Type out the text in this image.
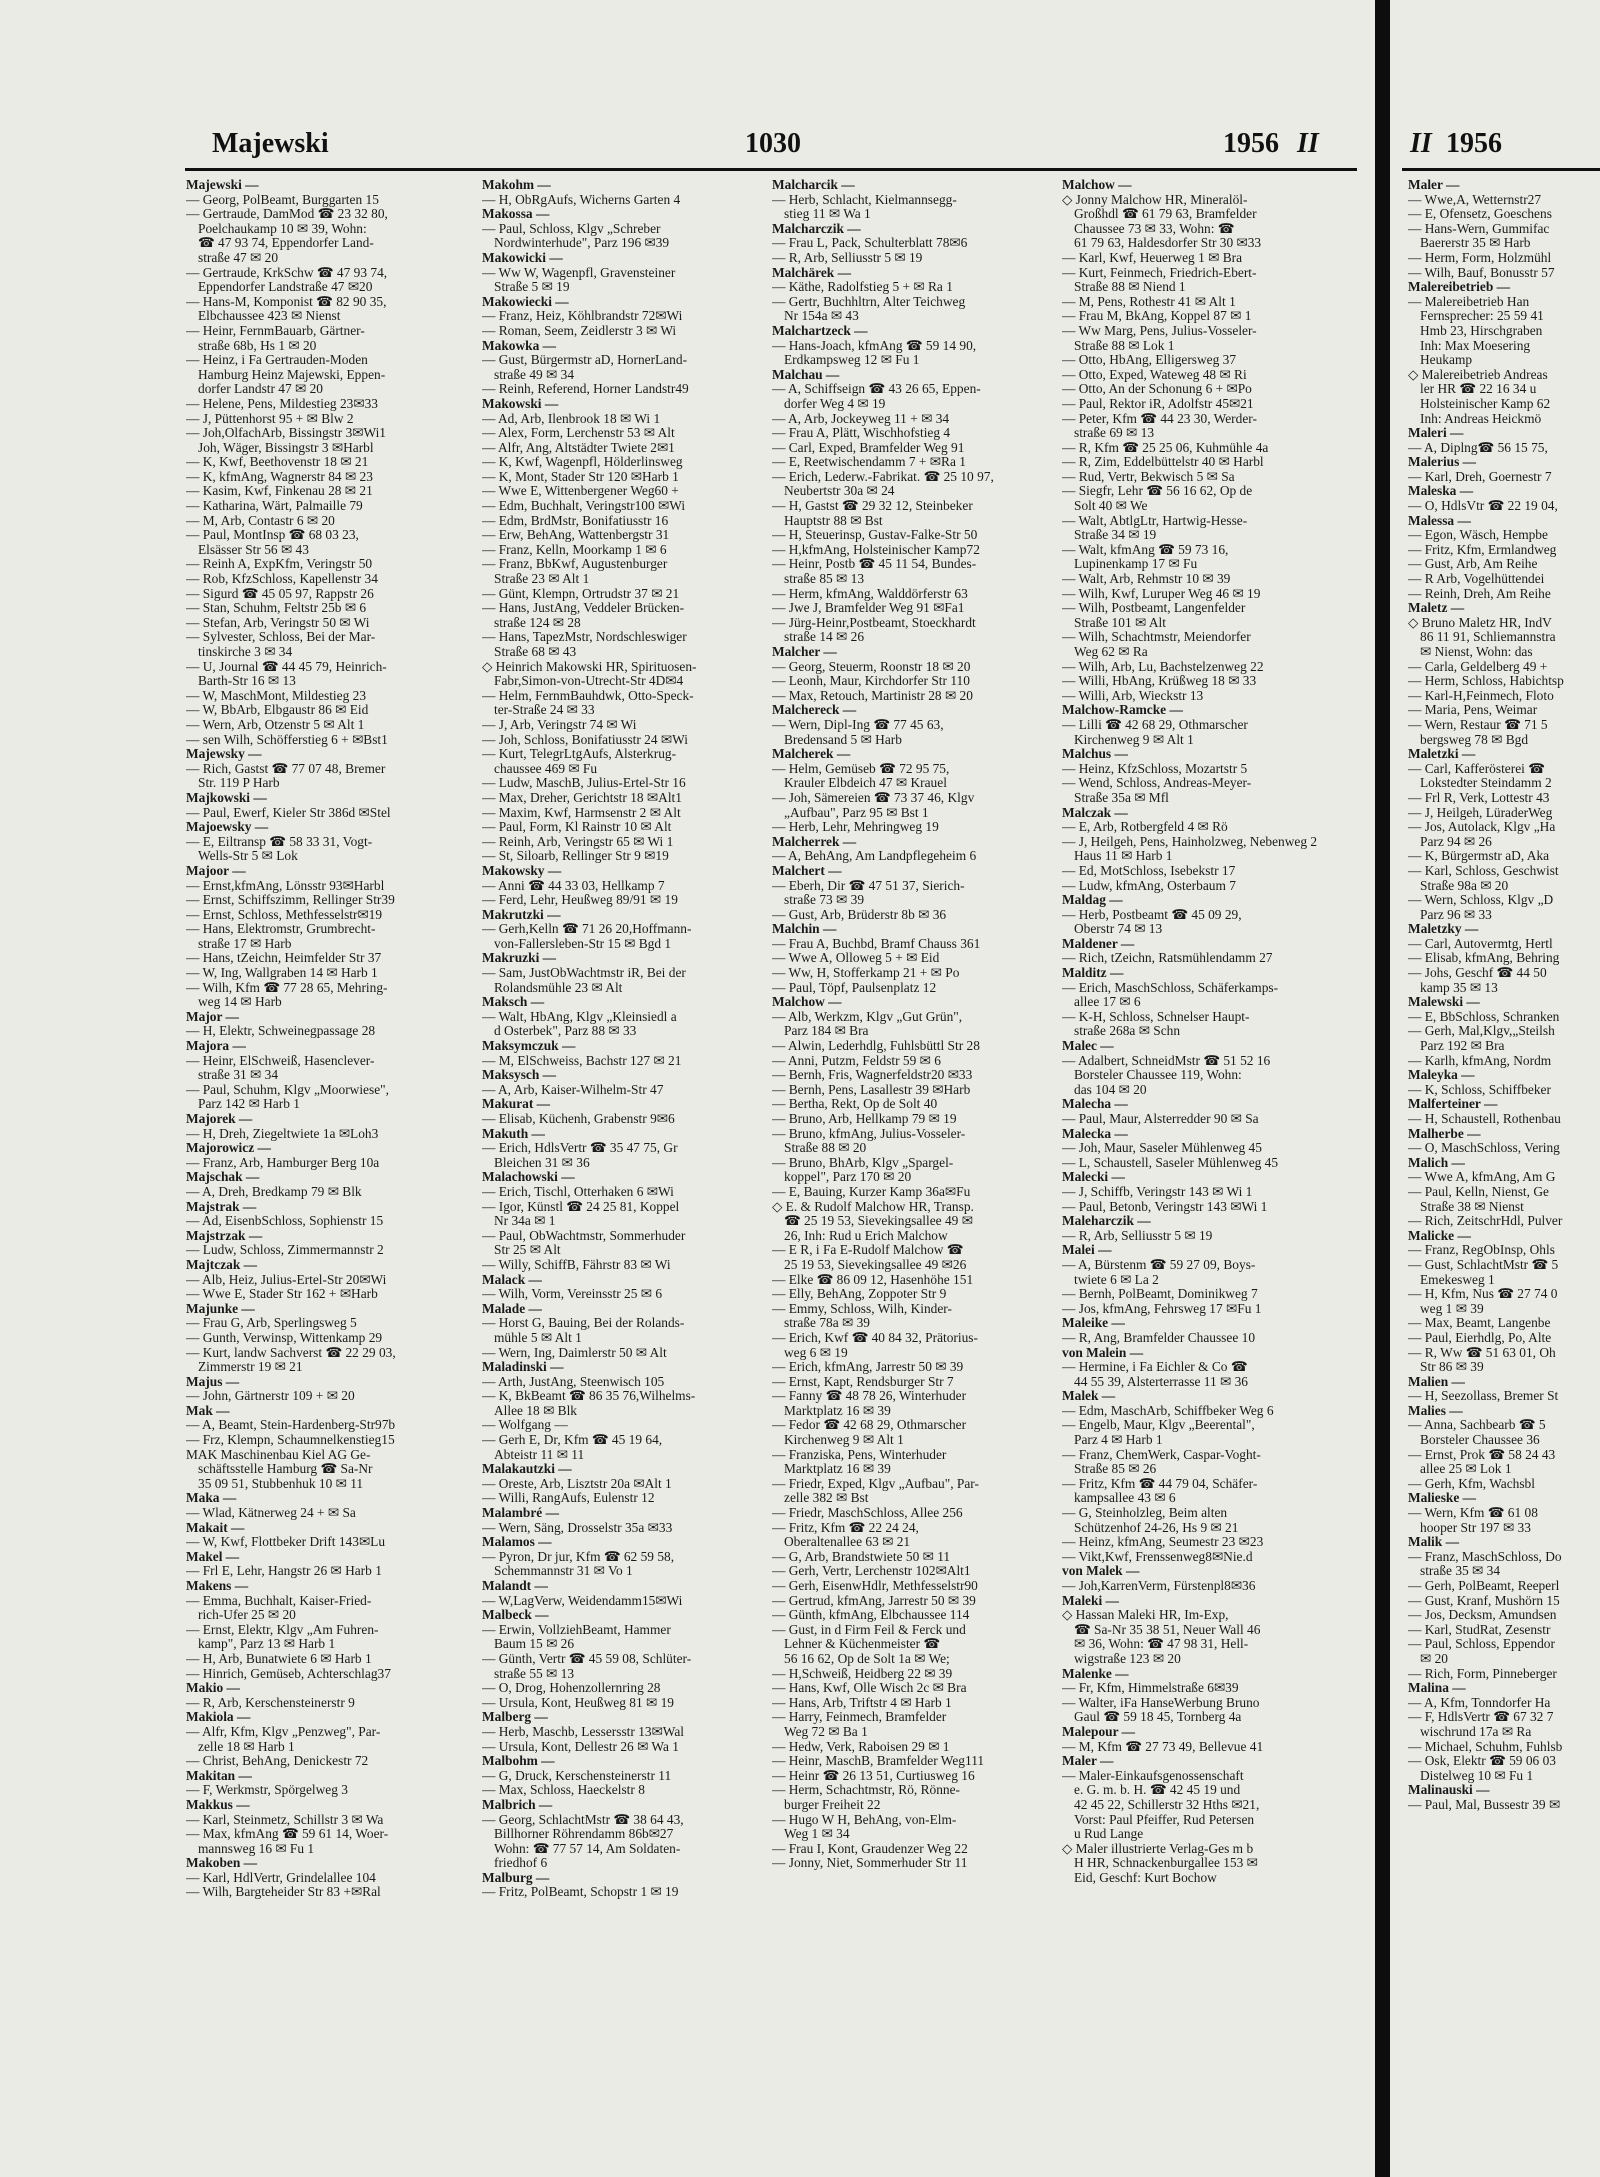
Majewski	1030	1956 II
Majewski —
— Georg, PolBeamt, Burggarten 15
— Gertraude, DamMod ☎ 23 32 80,
Poelchaukamp 10 ✉ 39, Wohn:
☎ 47 93 74, Eppendorfer Land-
straße 47 ✉ 20
— Gertraude, KrkSchw ☎ 47 93 74,
Eppendorfer Landstraße 47 ✉20
— Hans-M, Komponist ☎ 82 90 35,
Elbchaussee 423 ✉ Nienst
— Heinr, FernmBauarb, Gärtner-
straße 68b, Hs 1 ✉ 20
— Heinz, i Fa Gertrauden-Moden
Hamburg Heinz Majewski, Eppen-
dorfer Landstr 47 ✉ 20
— Helene, Pens, Mildestieg 23✉33
— J, Püttenhorst 95 + ✉ Blw 2
— Joh,OlfachArb, Bissingstr 3✉Wi1
Joh, Wäger, Bissingstr 3 ✉Harbl
— K, Kwf, Beethovenstr 18 ✉ 21
— K, kfmAng, Wagnerstr 84 ✉ 23
— Kasim, Kwf, Finkenau 28 ✉ 21
— Katharina, Wärt, Palmaille 79
— M, Arb, Contastr 6 ✉ 20
— Paul, MontInsp ☎ 68 03 23,
Elsässer Str 56 ✉ 43
— Reinh A, ExpKfm, Veringstr 50
— Rob, KfzSchloss, Kapellenstr 34
— Sigurd ☎ 45 05 97, Rappstr 26
— Stan, Schuhm, Feltstr 25b ✉ 6
— Stefan, Arb, Veringstr 50 ✉ Wi
— Sylvester, Schloss, Bei der Mar-
tinskirche 3 ✉ 34
— U, Journal ☎ 44 45 79, Heinrich-
Barth-Str 16 ✉ 13
— W, MaschMont, Mildestieg 23
— W, BbArb, Elbgaustr 86 ✉ Eid
— Wern, Arb, Otzenstr 5 ✉ Alt 1
— sen Wilh, Schöfferstieg 6 + ✉Bst1
Majewsky —
— Rich, Gastst ☎ 77 07 48, Bremer
Str. 119 P Harb
Majkowski —
— Paul, Ewerf, Kieler Str 386d ✉Stel
Majoewsky —
— E, Eiltransp ☎ 58 33 31, Vogt-
Wells-Str 5 ✉ Lok
Majoor —
— Ernst,kfmAng, Lönsstr 93✉Harbl
— Ernst, Schiffszimm, Rellinger Str39
— Ernst, Schloss, Methfesselstr✉19
— Hans, Elektromstr, Grumbrecht-
straße 17 ✉ Harb
— Hans, tZeichn, Heimfelder Str 37
— W, Ing, Wallgraben 14 ✉ Harb 1
— Wilh, Kfm ☎ 77 28 65, Mehring-
weg 14 ✉ Harb
Major —
— H, Elektr, Schweinegpassage 28
Majora —
— Heinr, ElSchweiß, Hasenclever-
straße 31 ✉ 34
— Paul, Schuhm, Klgv „Moorwiese",
Parz 142 ✉ Harb 1
Majorek —
— H, Dreh, Ziegeltwiete 1a ✉Loh3
Majorowicz —
— Franz, Arb, Hamburger Berg 10a
Majschak —
— A, Dreh, Bredkamp 79 ✉ Blk
Majstrak —
— Ad, EisenbSchloss, Sophienstr 15
Majstrzak —
— Ludw, Schloss, Zimmermannstr 2
Majtczak —
— Alb, Heiz, Julius-Ertel-Str 20✉Wi
— Wwe E, Stader Str 162 + ✉Harb
Majunke —
— Frau G, Arb, Sperlingsweg 5
— Gunth, Verwinsp, Wittenkamp 29
— Kurt, landw Sachverst ☎ 22 29 03,
Zimmerstr 19 ✉ 21
Majus —
— John, Gärtnerstr 109 + ✉ 20
Mak —
— A, Beamt, Stein-Hardenberg-Str97b
— Frz, Klempn, Schaumnelkenstieg15
MAK Maschinenbau Kiel AG Ge-
schäftsstelle Hamburg ☎ Sa-Nr
35 09 51, Stubbenhuk 10 ✉ 11
Maka —
— Wlad, Kätnerweg 24 + ✉ Sa
Makait —
— W, Kwf, Flottbeker Drift 143✉Lu
Makel —
— Frl E, Lehr, Hangstr 26 ✉ Harb 1
Makens —
— Emma, Buchhalt, Kaiser-Fried-
rich-Ufer 25 ✉ 20
— Ernst, Elektr, Klgv „Am Fuhren-
kamp", Parz 13 ✉ Harb 1
— H, Arb, Bunatwiete 6 ✉ Harb 1
— Hinrich, Gemüseb, Achterschlag37
Makio —
— R, Arb, Kerschensteinerstr 9
Makiola —
— Alfr, Kfm, Klgv „Penzweg", Par-
zelle 18 ✉ Harb 1
— Christ, BehAng, Denickestr 72
Makitan —
— F, Werkmstr, Spörgelweg 3
Makkus —
— Karl, Steinmetz, Schillstr 3 ✉ Wa
— Max, kfmAng ☎ 59 61 14, Woer-
mannsweg 16 ✉ Fu 1
Makoben —
— Karl, HdlVertr, Grindelallee 104
— Wilh, Bargteheider Str 83 +✉Ral
Makohm —
— H, ObRgAufs, Wicherns Garten 4
Makossa —
— Paul, Schloss, Klgv „Schreber
Nordwinterhude", Parz 196 ✉39
Makowicki —
— Ww W, Wagenpfl, Gravensteiner
Straße 5 ✉ 19
Makowiecki —
— Franz, Heiz, Köhlbrandstr 72✉Wi
— Roman, Seem, Zeidlerstr 3 ✉ Wi
Makowka —
— Gust, Bürgermstr aD, HornerLand-
straße 49 ✉ 34
— Reinh, Referend, Horner Landstr49
Makowski —
— Ad, Arb, Ilenbrook 18 ✉ Wi 1
— Alex, Form, Lerchenstr 53 ✉ Alt
— Alfr, Ang, Altstädter Twiete 2✉1
— K, Kwf, Wagenpfl, Hölderlinsweg
— K, Mont, Stader Str 120 ✉Harb 1
— Wwe E, Wittenbergener Weg60 +
— Edm, Buchhalt, Veringstr100 ✉Wi
— Edm, BrdMstr, Bonifatiusstr 16
— Erw, BehAng, Wattenbergstr 31
— Franz, Kelln, Moorkamp 1 ✉ 6
— Franz, BbKwf, Augustenburger
Straße 23 ✉ Alt 1
— Günt, Klempn, Ortrudstr 37 ✉ 21
— Hans, JustAng, Veddeler Brücken-
straße 124 ✉ 28
— Hans, TapezMstr, Nordschleswiger
Straße 68 ✉ 43
◇ Heinrich Makowski HR, Spirituosen-
Fabr,Simon-von-Utrecht-Str 4D✉4
— Helm, FernmBauhdwk, Otto-Speck-
ter-Straße 24 ✉ 33
— J, Arb, Veringstr 74 ✉ Wi
— Joh, Schloss, Bonifatiusstr 24 ✉Wi
— Kurt, TelegrLtgAufs, Alsterkrug-
chaussee 469 ✉ Fu
— Ludw, MaschB, Julius-Ertel-Str 16
— Max, Dreher, Gerichtstr 18 ✉Alt1
— Maxim, Kwf, Harmsenstr 2 ✉ Alt
— Paul, Form, Kl Rainstr 10 ✉ Alt
— Reinh, Arb, Veringstr 65 ✉ Wi 1
— St, Siloarb, Rellinger Str 9 ✉19
Makowsky —
— Anni ☎ 44 33 03, Hellkamp 7
— Ferd, Lehr, Heußweg 89/91 ✉ 19
Makrutzki —
— Gerh,Kelln ☎ 71 26 20,Hoffmann-
von-Fallersleben-Str 15 ✉ Bgd 1
Makruzki —
— Sam, JustObWachtmstr iR, Bei der
Rolandsmühle 23 ✉ Alt
Maksch —
— Walt, HbAng, Klgv „Kleinsiedl a
d Osterbek", Parz 88 ✉ 33
Maksymczuk —
— M, ElSchweiss, Bachstr 127 ✉ 21
Maksysch —
— A, Arb, Kaiser-Wilhelm-Str 47
Makurat —
— Elisab, Küchenh, Grabenstr 9✉6
Makuth —
— Erich, HdlsVertr ☎ 35 47 75, Gr
Bleichen 31 ✉ 36
Malachowski —
— Erich, Tischl, Otterhaken 6 ✉Wi
— Igor, Künstl ☎ 24 25 81, Koppel
Nr 34a ✉ 1
— Paul, ObWachtmstr, Sommerhuder
Str 25 ✉ Alt
— Willy, SchiffB, Fährstr 83 ✉ Wi
Malack —
— Wilh, Vorm, Vereinsstr 25 ✉ 6
Malade —
— Horst G, Bauing, Bei der Rolands-
mühle 5 ✉ Alt 1
— Wern, Ing, Daimlerstr 50 ✉ Alt
Maladinski —
— Arth, JustAng, Steenwisch 105
— K, BkBeamt ☎ 86 35 76,Wilhelms-
Allee 18 ✉ Blk
— Wolfgang —
— Gerh E, Dr, Kfm ☎ 45 19 64,
Abteistr 11 ✉ 11
Malakautzki —
— Oreste, Arb, Lisztstr 20a ✉Alt 1
— Willi, RangAufs, Eulenstr 12
Malambré —
— Wern, Säng, Drosselstr 35a ✉33
Malamos —
— Pyron, Dr jur, Kfm ☎ 62 59 58,
Schemmannstr 31 ✉ Vo 1
Malandt —
— W,LagVerw, Weidendamm15✉Wi
Malbeck —
— Erwin, VollziehBeamt, Hammer
Baum 15 ✉ 26
— Günth, Vertr ☎ 45 59 08, Schlüter-
straße 55 ✉ 13
— O, Drog, Hohenzollernring 28
— Ursula, Kont, Heußweg 81 ✉ 19
Malberg —
— Herb, Maschb, Lessersstr 13✉Wal
— Ursula, Kont, Dellestr 26 ✉ Wa 1
Malbohm —
— G, Druck, Kerschensteinerstr 11
— Max, Schloss, Haeckelstr 8
Malbrich —
— Georg, SchlachtMstr ☎ 38 64 43,
Billhorner Röhrendamm 86b✉27
Wohn: ☎ 77 57 14, Am Soldaten-
friedhof 6
Malburg —
— Fritz, PolBeamt, Schopstr 1 ✉ 19
Malcharcik —
— Herb, Schlacht, Kielmannsegg-
stieg 11 ✉ Wa 1
Malcharczik —
— Frau L, Pack, Schulterblatt 78✉6
— R, Arb, Selliusstr 5 ✉ 19
Malchärek —
— Käthe, Radolfstieg 5 + ✉ Ra 1
— Gertr, Buchhltrn, Alter Teichweg
Nr 154a ✉ 43
Malchartzeck —
— Hans-Joach, kfmAng ☎ 59 14 90,
Erdkampsweg 12 ✉ Fu 1
Malchau —
— A, Schiffseign ☎ 43 26 65, Eppen-
dorfer Weg 4 ✉ 19
— A, Arb, Jockeyweg 11 + ✉ 34
— Frau A, Plätt, Wischhofstieg 4
— Carl, Exped, Bramfelder Weg 91
— E, Reetwischendamm 7 + ✉Ra 1
— Erich, Lederw.-Fabrikat. ☎ 25 10 97,
Neubertstr 30a ✉ 24
— H, Gastst ☎ 29 32 12, Steinbeker
Hauptstr 88 ✉ Bst
— H, Steuerinsp, Gustav-Falke-Str 50
— H,kfmAng, Holsteinischer Kamp72
— Heinr, Postb ☎ 45 11 54, Bundes-
straße 85 ✉ 13
— Herm, kfmAng, Walddörferstr 63
— Jwe J, Bramfelder Weg 91 ✉Fa1
— Jürg-Heinr,Postbeamt, Stoeckhardt
straße 14 ✉ 26
Malcher —
— Georg, Steuerm, Roonstr 18 ✉ 20
— Leonh, Maur, Kirchdorfer Str 110
— Max, Retouch, Martinistr 28 ✉ 20
Malchereck —
— Wern, Dipl-Ing ☎ 77 45 63,
Bredensand 5 ✉ Harb
Malcherek —
— Helm, Gemüseb ☎ 72 95 75,
Krauler Elbdeich 47 ✉ Krauel
— Joh, Sämereien ☎ 73 37 46, Klgv
„Aufbau", Parz 95 ✉ Bst 1
— Herb, Lehr, Mehringweg 19
Malcherrek —
— A, BehAng, Am Landpflegeheim 6
Malchert —
— Eberh, Dir ☎ 47 51 37, Sierich-
straße 73 ✉ 39
— Gust, Arb, Brüderstr 8b ✉ 36
Malchin —
— Frau A, Buchbd, Bramf Chauss 361
— Wwe A, Olloweg 5 + ✉ Eid
— Ww, H, Stofferkamp 21 + ✉ Po
— Paul, Töpf, Paulsenplatz 12
Malchow —
— Alb, Werkzm, Klgv „Gut Grün",
Parz 184 ✉ Bra
— Alwin, Lederhdlg, Fuhlsbüttl Str 28
— Anni, Putzm, Feldstr 59 ✉ 6
— Bernh, Fris, Wagnerfeldstr20 ✉33
— Bernh, Pens, Lasallestr 39 ✉Harb
— Bertha, Rekt, Op de Solt 40
— Bruno, Arb, Hellkamp 79 ✉ 19
— Bruno, kfmAng, Julius-Vosseler-
Straße 88 ✉ 20
— Bruno, BhArb, Klgv „Spargel-
koppel", Parz 170 ✉ 20
— E, Bauing, Kurzer Kamp 36a✉Fu
◇ E. & Rudolf Malchow HR, Transp.
☎ 25 19 53, Sievekingsallee 49 ✉
26, Inh: Rud u Erich Malchow
— E R, i Fa E-Rudolf Malchow ☎
25 19 53, Sievekingsallee 49 ✉26
— Elke ☎ 86 09 12, Hasenhöhe 151
— Elly, BehAng, Zoppoter Str 9
— Emmy, Schloss, Wilh, Kinder-
straße 78a ✉ 39
— Erich, Kwf ☎ 40 84 32, Prätorius-
weg 6 ✉ 19
— Erich, kfmAng, Jarrestr 50 ✉ 39
— Ernst, Kapt, Rendsburger Str 7
— Fanny ☎ 48 78 26, Winterhuder
Marktplatz 16 ✉ 39
— Fedor ☎ 42 68 29, Othmarscher
Kirchenweg 9 ✉ Alt 1
— Franziska, Pens, Winterhuder
Marktplatz 16 ✉ 39
— Friedr, Exped, Klgv „Aufbau", Par-
zelle 382 ✉ Bst
— Friedr, MaschSchloss, Allee 256
— Fritz, Kfm ☎ 22 24 24,
Oberaltenallee 63 ✉ 21
— G, Arb, Brandstwiete 50 ✉ 11
— Gerh, Vertr, Lerchenstr 102✉Alt1
— Gerh, EisenwHdlr, Methfesselstr90
— Gertrud, kfmAng, Jarrestr 50 ✉ 39
— Günth, kfmAng, Elbchaussee 114
— Gust, in d Firm Feil & Ferck und
Lehner & Küchenmeister ☎
56 16 62, Op de Solt 1a ✉ We;
— H,Schweiß, Heidberg 22 ✉ 39
— Hans, Kwf, Olle Wisch 2c ✉ Bra
— Hans, Arb, Triftstr 4 ✉ Harb 1
— Harry, Feinmech, Bramfelder
Weg 72 ✉ Ba 1
— Hedw, Verk, Raboisen 29 ✉ 1
— Heinr, MaschB, Bramfelder Weg111
— Heinr ☎ 26 13 51, Curtiusweg 16
— Herm, Schachtmstr, Rö, Rönne-
burger Freiheit 22
— Hugo W H, BehAng, von-Elm-
Weg 1 ✉ 34
— Frau I, Kont, Graudenzer Weg 22
— Jonny, Niet, Sommerhuder Str 11
Malchow —
◇ Jonny Malchow HR, Mineralöl-
Großhdl ☎ 61 79 63, Bramfelder
Chaussee 73 ✉ 33, Wohn: ☎
61 79 63, Haldesdorfer Str 30 ✉33
— Karl, Kwf, Heuerweg 1 ✉ Bra
— Kurt, Feinmech, Friedrich-Ebert-
Straße 88 ✉ Niend 1
— M, Pens, Rothestr 41 ✉ Alt 1
— Frau M, BkAng, Koppel 87 ✉ 1
— Ww Marg, Pens, Julius-Vosseler-
Straße 88 ✉ Lok 1
— Otto, HbAng, Elligersweg 37
— Otto, Exped, Wateweg 48 ✉ Ri
— Otto, An der Schonung 6 + ✉Po
— Paul, Rektor iR, Adolfstr 45✉21
— Peter, Kfm ☎ 44 23 30, Werder-
straße 69 ✉ 13
— R, Kfm ☎ 25 25 06, Kuhmühle 4a
— R, Zim, Eddelbüttelstr 40 ✉ Harbl
— Rud, Vertr, Bekwisch 5 ✉ Sa
— Siegfr, Lehr ☎ 56 16 62, Op de
Solt 40 ✉ We
— Walt, AbtlgLtr, Hartwig-Hesse-
Straße 34 ✉ 19
— Walt, kfmAng ☎ 59 73 16,
Lupinenkamp 17 ✉ Fu
— Walt, Arb, Rehmstr 10 ✉ 39
— Wilh, Kwf, Luruper Weg 46 ✉ 19
— Wilh, Postbeamt, Langenfelder
Straße 101 ✉ Alt
— Wilh, Schachtmstr, Meiendorfer
Weg 62 ✉ Ra
— Wilh, Arb, Lu, Bachstelzenweg 22
— Willi, HbAng, Krüßweg 18 ✉ 33
— Willi, Arb, Wieckstr 13
Malchow-Ramcke —
— Lilli ☎ 42 68 29, Othmarscher
Kirchenweg 9 ✉ Alt 1
Malchus —
— Heinz, KfzSchloss, Mozartstr 5
— Wend, Schloss, Andreas-Meyer-
Straße 35a ✉ Mfl
Malczak —
— E, Arb, Rotbergfeld 4 ✉ Rö
— J, Heilgeh, Pens, Hainholzweg, Nebenweg 2
Haus 11 ✉ Harb 1
— Ed, MotSchloss, Isebekstr 17
— Ludw, kfmAng, Osterbaum 7
Maldag —
— Herb, Postbeamt ☎ 45 09 29,
Oberstr 74 ✉ 13
Maldener —
— Rich, tZeichn, Ratsmühlendamm 27
Malditz —
— Erich, MaschSchloss, Schäferkamps-
allee 17 ✉ 6
— K-H, Schloss, Schnelser Haupt-
straße 268a ✉ Schn
Malec —
— Adalbert, SchneidMstr ☎ 51 52 16
Borsteler Chaussee 119, Wohn:
das 104 ✉ 20
Malecha —
— Paul, Maur, Alsterredder 90 ✉ Sa
Malecka —
— Joh, Maur, Saseler Mühlenweg 45
— L, Schaustell, Saseler Mühlenweg 45
Malecki —
— J, Schiffb, Veringstr 143 ✉ Wi 1
— Paul, Betonb, Veringstr 143 ✉Wi 1
Maleharczik —
— R, Arb, Selliusstr 5 ✉ 19
Malei —
— A, Bürstenm ☎ 59 27 09, Boys-
twiete 6 ✉ La 2
— Bernh, PolBeamt, Dominikweg 7
— Jos, kfmAng, Fehrsweg 17 ✉Fu 1
Maleike —
— R, Ang, Bramfelder Chaussee 10
von Malein —
— Hermine, i Fa Eichler & Co ☎
44 55 39, Alsterterrasse 11 ✉ 36
Malek —
— Edm, MaschArb, Schiffbeker Weg 6
— Engelb, Maur, Klgv „Beerental",
Parz 4 ✉ Harb 1
— Franz, ChemWerk, Caspar-Voght-
Straße 85 ✉ 26
— Fritz, Kfm ☎ 44 79 04, Schäfer-
kampsallee 43 ✉ 6
— G, Steinholzleg, Beim alten
Schützenhof 24-26, Hs 9 ✉ 21
— Heinz, kfmAng, Seumestr 23 ✉23
— Vikt,Kwf, Frenssenweg8✉Nie.d
von Malek —
— Joh,KarrenVerm, Fürstenpl8✉36
Maleki —
◇ Hassan Maleki HR, Im-Exp,
☎ Sa-Nr 35 38 51, Neuer Wall 46
✉ 36, Wohn: ☎ 47 98 31, Hell-
wigstraße 123 ✉ 20
Malenke —
— Fr, Kfm, Himmelstraße 6✉39
— Walter, iFa HanseWerbung Bruno
Gaul ☎ 59 18 45, Tornberg 4a
Malepour —
— M, Kfm ☎ 27 73 49, Bellevue 41
Maler —
— Maler-Einkaufsgenossenschaft
e. G. m. b. H. ☎ 42 45 19 und
42 45 22, Schillerstr 32 Hths ✉21,
Vorst: Paul Pfeiffer, Rud Petersen
u Rud Lange
◇ Maler illustrierte Verlag-Ges m b
H HR, Schnackenburgallee 153 ✉
Eid, Geschf: Kurt Bochow
II 1956
Maler —
— Wwe,A, Wetternstr27
— E, Ofensetz, Goeschens
— Hans-Wern, Gummifac
Baererstr 35 ✉ Harb
— Herm, Form, Holzmühl
— Wilh, Bauf, Bonusstr 57
Malereibetrieb —
— Malereibetrieb Han
Fernsprecher: 25 59 41
Hmb 23, Hirschgraben
Inh: Max Moesering
Heukamp
◇ Malereibetrieb Andreas
ler HR ☎ 22 16 34 u
Holsteinischer Kamp 62
Inh: Andreas Heickmö
Maleri —
— A, Diplng☎ 56 15 75,
Malerius —
— Karl, Dreh, Goernestr 7
Maleska —
— O, HdlsVtr ☎ 22 19 04,
Malessa —
— Egon, Wäsch, Hempbe
— Fritz, Kfm, Ermlandweg
— Gust, Arb, Am Reihe
— R Arb, Vogelhüttendei
— Reinh, Dreh, Am Reihe
Maletz —
◇ Bruno Maletz HR, IndV
86 11 91, Schliemannstra
✉ Nienst, Wohn: das
— Carla, Geldelberg 49 +
— Herm, Schloss, Habichtsp
— Karl-H,Feinmech, Floto
— Maria, Pens, Weimar
— Wern, Restaur ☎ 71 5
bergsweg 78 ✉ Bgd
Maletzki —
— Carl, Kafferösterei ☎
Lokstedter Steindamm 2
— Frl R, Verk, Lottestr 43
— J, Heilgeh, LüraderWeg
— Jos, Autolack, Klgv „Ha
Parz 94 ✉ 26
— K, Bürgermstr aD, Aka
— Karl, Schloss, Geschwist
Straße 98a ✉ 20
— Wern, Schloss, Klgv „D
Parz 96 ✉ 33
Maletzky —
— Carl, Autovermtg, Hertl
— Elisab, kfmAng, Behring
— Johs, Geschf ☎ 44 50
kamp 35 ✉ 13
Malewski —
— E, BbSchloss, Schranken
— Gerh, Mal,Klgv,„Steilsh
Parz 192 ✉ Bra
— Karlh, kfmAng, Nordm
Maleyka —
— K, Schloss, Schiffbeker
Malferteiner —
— H, Schaustell, Rothenbau
Malherbe —
— O, MaschSchloss, Vering
Malich —
— Wwe A, kfmAng, Am G
— Paul, Kelln, Nienst, Ge
Straße 38 ✉ Nienst
— Rich, ZeitschrHdl, Pulver
Malicke —
— Franz, RegObInsp, Ohls
— Gust, SchlachtMstr ☎ 5
Emekesweg 1
— H, Kfm, Nus ☎ 27 74 0
weg 1 ✉ 39
— Max, Beamt, Langenbe
— Paul, Eierhdlg, Po, Alte
— R, Ww ☎ 51 63 01, Oh
Str 86 ✉ 39
Malien —
— H, Seezollass, Bremer St
Malies —
— Anna, Sachbearb ☎ 5
Borsteler Chaussee 36
— Ernst, Prok ☎ 58 24 43
allee 25 ✉ Lok 1
— Gerh, Kfm, Wachsbl
Malieske —
— Wern, Kfm ☎ 61 08
hooper Str 197 ✉ 33
Malik —
— Franz, MaschSchloss, Do
straße 35 ✉ 34
— Gerh, PolBeamt, Reeperl
— Gust, Kranf, Mushörn 15
— Jos, Decksm, Amundsen
— Karl, StudRat, Zesenstr
— Paul, Schloss, Eppendor
✉ 20
— Rich, Form, Pinneberger
Malina —
— A, Kfm, Tonndorfer Ha
— F, HdlsVertr ☎ 67 32 7
wischrund 17a ✉ Ra
— Michael, Schuhm, Fuhlsb
— Osk, Elektr ☎ 59 06 03
Distelweg 10 ✉ Fu 1
Malinauski —
— Paul, Mal, Bussestr 39 ✉
